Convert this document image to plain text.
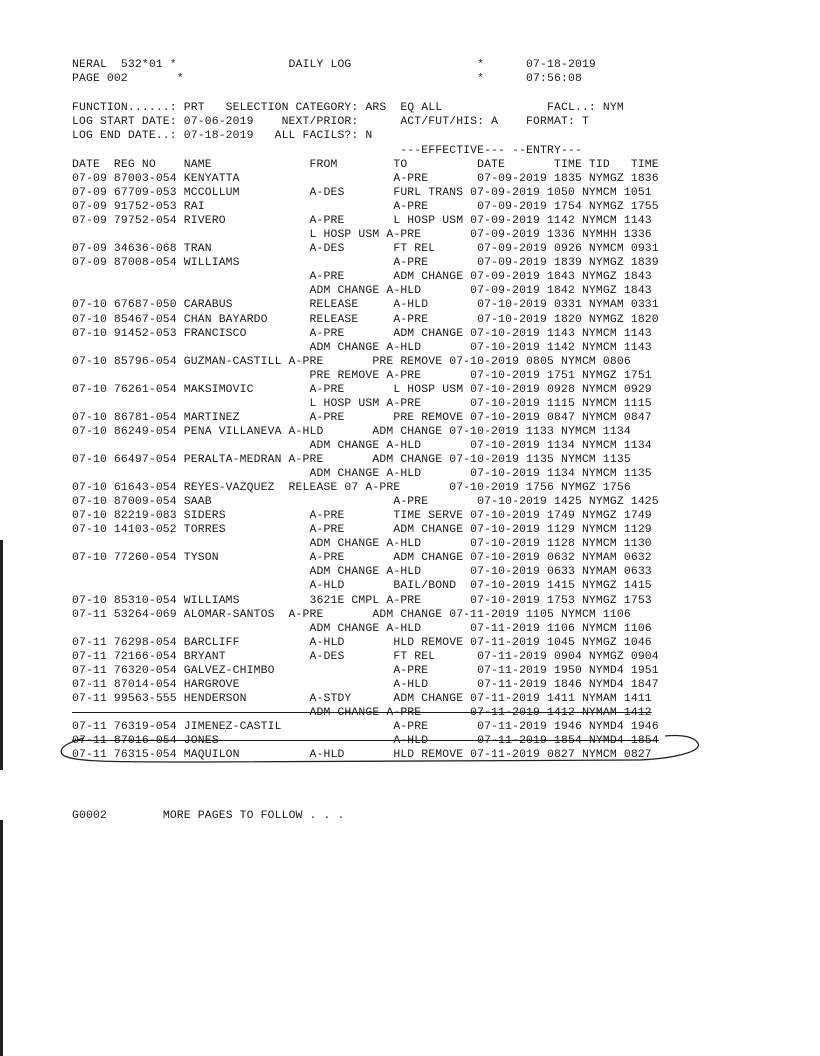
NERAL  532*01 *                DAILY LOG                  *      07-18-2019
PAGE 002       *                                          *      07:56:08
FUNCTION......: PRT   SELECTION CATEGORY: ARS  EQ ALL               FACL..: NYM
LOG START DATE: 07-06-2019    NEXT/PRIOR:      ACT/FUT/HIS: A    FORMAT: T
LOG END DATE..: 07-18-2019   ALL FACILS?: N
---EFFECTIVE--- --ENTRY---
DATE  REG NO    NAME              FROM        TO          DATE       TIME TID   TIME
07-09 87003-054 KENYATTA                      A-PRE       07-09-2019 1835 NYMGZ 1836
07-09 67709-053 MCCOLLUM          A-DES       FURL TRANS 07-09-2019 1050 NYMCM 1051
07-09 91752-053 RAI                           A-PRE       07-09-2019 1754 NYMGZ 1755
07-09 79752-054 RIVERO            A-PRE       L HOSP USM 07-09-2019 1142 NYMCM 1143
L HOSP USM A-PRE       07-09-2019 1336 NYMHH 1336
07-09 34636-068 TRAN              A-DES       FT REL      07-09-2019 0926 NYMCM 0931
07-09 87008-054 WILLIAMS                      A-PRE       07-09-2019 1839 NYMGZ 1839
A-PRE       ADM CHANGE 07-09-2019 1843 NYMGZ 1843
ADM CHANGE A-HLD       07-09-2019 1842 NYMGZ 1843
07-10 67687-050 CARABUS           RELEASE     A-HLD       07-10-2019 0331 NYMAM 0331
07-10 85467-054 CHAN BAYARDO      RELEASE     A-PRE       07-10-2019 1820 NYMGZ 1820
07-10 91452-053 FRANCISCO         A-PRE       ADM CHANGE 07-10-2019 1143 NYMCM 1143
ADM CHANGE A-HLD       07-10-2019 1142 NYMCM 1143
07-10 85796-054 GUZMAN-CASTILL A-PRE       PRE REMOVE 07-10-2019 0805 NYMCM 0806
PRE REMOVE A-PRE       07-10-2019 1751 NYMGZ 1751
07-10 76261-054 MAKSIMOVIC        A-PRE       L HOSP USM 07-10-2019 0928 NYMCM 0929
L HOSP USM A-PRE       07-10-2019 1115 NYMCM 1115
07-10 86781-054 MARTINEZ          A-PRE       PRE REMOVE 07-10-2019 0847 NYMCM 0847
07-10 86249-054 PENA VILLANEVA A-HLD       ADM CHANGE 07-10-2019 1133 NYMCM 1134
ADM CHANGE A-HLD       07-10-2019 1134 NYMCM 1134
07-10 66497-054 PERALTA-MEDRAN A-PRE       ADM CHANGE 07-10-2019 1135 NYMCM 1135
ADM CHANGE A-HLD       07-10-2019 1134 NYMCM 1135
07-10 61643-054 REYES-VAZQUEZ  RELEASE 07 A-PRE       07-10-2019 1756 NYMGZ 1756
07-10 87009-054 SAAB                          A-PRE       07-10-2019 1425 NYMGZ 1425
07-10 82219-083 SIDERS            A-PRE       TIME SERVE 07-10-2019 1749 NYMGZ 1749
07-10 14103-052 TORRES            A-PRE       ADM CHANGE 07-10-2019 1129 NYMCM 1129
ADM CHANGE A-HLD       07-10-2019 1128 NYMCM 1130
07-10 77260-054 TYSON             A-PRE       ADM CHANGE 07-10-2019 0632 NYMAM 0632
ADM CHANGE A-HLD       07-10-2019 0633 NYMAM 0633
A-HLD       BAIL/BOND  07-10-2019 1415 NYMGZ 1415
07-10 85310-054 WILLIAMS          3621E CMPL A-PRE       07-10-2019 1753 NYMGZ 1753
07-11 53264-069 ALOMAR-SANTOS  A-PRE       ADM CHANGE 07-11-2019 1105 NYMCM 1106
ADM CHANGE A-HLD       07-11-2019 1106 NYMCM 1106
07-11 76298-054 BARCLIFF          A-HLD       HLD REMOVE 07-11-2019 1045 NYMGZ 1046
07-11 72166-054 BRYANT            A-DES       FT REL      07-11-2019 0904 NYMGZ 0904
07-11 76320-054 GALVEZ-CHIMBO                 A-PRE       07-11-2019 1950 NYMD4 1951
07-11 87014-054 HARGROVE                      A-HLD       07-11-2019 1846 NYMD4 1847
07-11 99563-555 HENDERSON         A-STDY      ADM CHANGE 07-11-2019 1411 NYMAM 1411
ADM CHANGE A-PRE       07-11-2019 1412 NYMAM 1412
07-11 76319-054 JIMENEZ-CASTIL                A-PRE       07-11-2019 1946 NYMD4 1946
07-11 87016-054 JONES                         A-HLD       07-11-2019 1854 NYMD4 1854
07-11 76315-054 MAQUILON          A-HLD       HLD REMOVE 07-11-2019 0827 NYMCM 0827
G0002	MORE PAGES TO FOLLOW . . .
